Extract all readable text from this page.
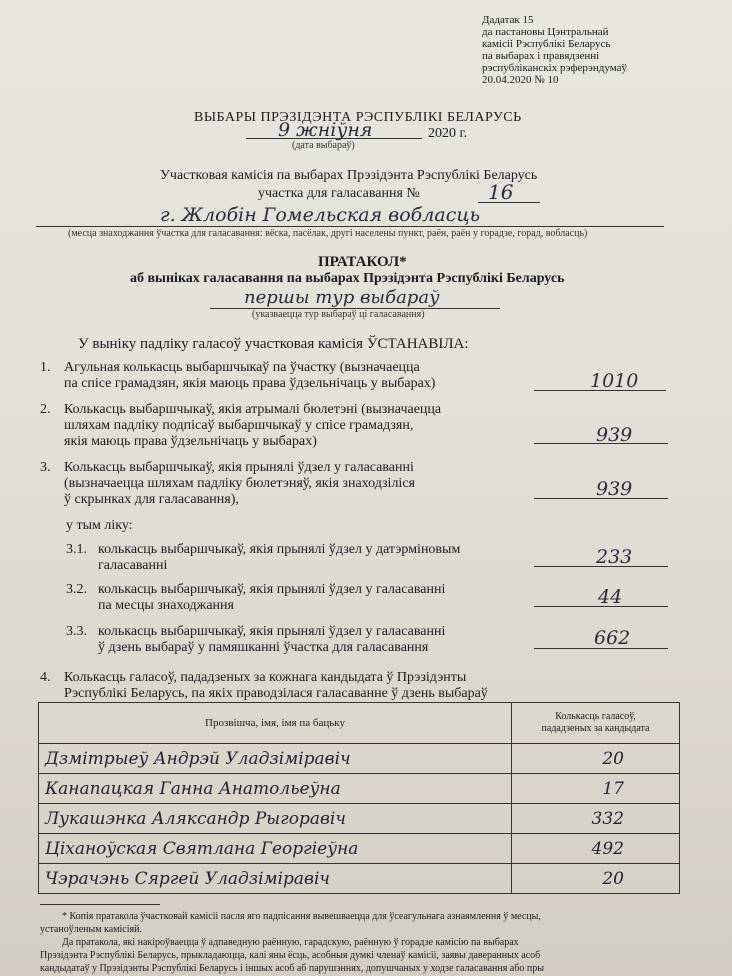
Дадатак 15
да пастановы Цэнтральнай
камісіі Рэспублікі Беларусь
па выбарах і правядзенні
рэспубліканскіх рэферэндумаў
20.04.2020 № 10
ВЫБАРЫ ПРЭЗІДЭНТА РЭСПУБЛІКІ БЕЛАРУСЬ
9 жніўня	2020 г.
(дата выбараў)
Участковая камісія па выбарах Прэзідэнта Рэспублікі Беларусь
участка для галасавання №	16
г. Жлобін Гомельская вобласць
(месца знаходжання ўчастка для галасавання: вёска, пасёлак, другі населены пункт, раён, раён у горадзе, горад, вобласць)
ПРАТАКОЛ*
аб выніках галасавання па выбарах Прэзідэнта Рэспублікі Беларусь
першы тур выбараў
(указваецца тур выбараў ці галасавання)
У выніку падліку галасоў участковая камісія ЎСТАНАВІЛА:
1. Агульная колькасць выбаршчыкаў па ўчастку (вызначаецца
па спісе грамадзян, якія маюць права ўдзельнічаць у выбарах)	1010
2. Колькасць выбаршчыкаў, якія атрымалі бюлетэні (вызначаецца
шляхам падліку подпісаў выбаршчыкаў у спісе грамадзян,
якія маюць права ўдзельнічаць у выбарах)	939
3. Колькасць выбаршчыкаў, якія прынялі ўдзел у галасаванні
(вызначаецца шляхам падліку бюлетэняў, якія знаходзіліся
ў скрынках для галасавання),	939
у тым ліку:
3.1. колькасць выбаршчыкаў, якія прынялі ўдзел у датэрміновым
галасаванні	233
3.2. колькасць выбаршчыкаў, якія прынялі ўдзел у галасаванні
па месцы знаходжання	44
3.3. колькасць выбаршчыкаў, якія прынялі ўдзел у галасаванні
ў дзень выбараў у памяшканні ўчастка для галасавання	662
4. Колькасць галасоў, пададзеных за кожнага кандыдата ў Прэзідэнты
Рэспублікі Беларусь, па якіх праводзілася галасаванне ў дзень выбараў
Прозвішча, імя, імя па бацьку	Колькасць галасоў,
пададзеных за кандыдата

Дзмітрыеў Андрэй Уладзіміравіч	20
Канапацкая Ганна Анатольеўна	17
Лукашэнка Аляксандр Рыгоравіч	332
Ціханоўская Святлана Георгіеўна	492
Чэрачэнь Сяргей Уладзіміравіч	20
* Копія пратакола ўчастковай камісіі пасля яго падпісання вывешваецца для ўсеагульнага азнаямлення ў месцы,
устаноўленым камісіяй.
Да пратакола, які накіроўваецца ў адпаведную раённую, гарадскую, раённую ў горадзе камісію па выбарах
Прэзідэнта Рэспублікі Беларусь, прыкладаюцца, калі яны ёсць, асобныя думкі членаў камісіі, заявы даверанных асоб
кандыдатаў у Прэзідэнты Рэспублікі Беларусь і іншых асоб аб парушэннях, допушчаных у ходзе галасавання або пры
